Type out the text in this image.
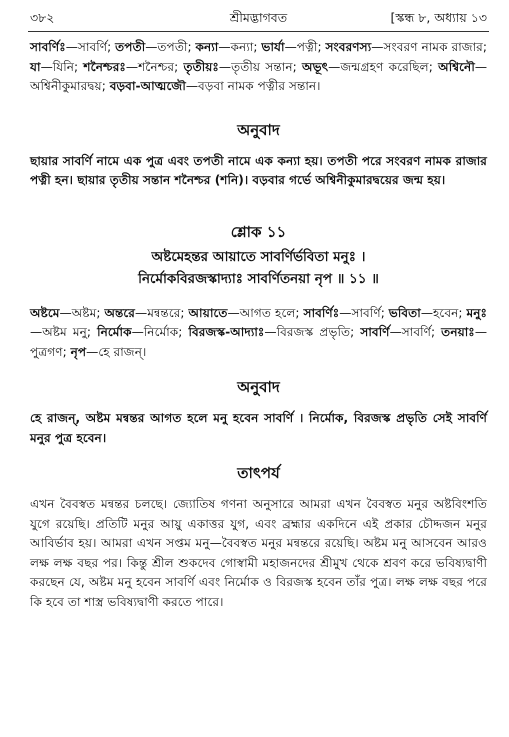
৩৮২	শ্রীমদ্ভাগবত	[স্কন্ধ ৮, অধ্যায় ১৩

সাবর্ণিঃ—সাবর্ণি; তপতী—তপতী; কন্যা—কন্যা; ভার্যা—পত্নী; সংবরণস্য—সংবরণ নামক রাজার; যা—যিনি; শনৈশ্চরঃ—শনৈশ্চর; তৃতীয়ঃ—তৃতীয় সন্তান; অভূৎ—জন্মগ্রহণ করেছিল; অশ্বিনৌ—অশ্বিনীকুমারদ্বয়; বড়বা-আত্মজৌ—বড়বা নামক পত্নীর সন্তান।

অনুবাদ

ছায়ার সাবর্ণি নামে এক পুত্র এবং তপতী নামে এক কন্যা হয়। তপতী পরে সংবরণ নামক রাজার পত্নী হন। ছায়ার তৃতীয় সন্তান শনৈশ্চর (শনি)। বড়বার গর্ভে অশ্বিনীকুমারদ্বয়ের জন্ম হয়।

শ্লোক ১১
অষ্টমেহন্তর আয়াতে সাবর্ণির্ভবিতা মনুঃ ।
নির্মোকবিরজস্কাদ্যাঃ সাবর্ণিতনয়া নৃপ ॥ ১১ ॥

অষ্টমে—অষ্টম; অন্তরে—মন্বন্তরে; আয়াতে—আগত হলে; সাবর্ণিঃ—সাবর্ণি; ভবিতা—হবেন; মনুঃ—অষ্টম মনু; নির্মোক—নির্মোক; বিরজস্ক-আদ্যাঃ—বিরজস্ক প্রভৃতি; সাবর্ণি—সাবর্ণি; তনয়াঃ—পুত্রগণ; নৃপ—হে রাজন্।

অনুবাদ

হে রাজন্, অষ্টম মন্বন্তর আগত হলে মনু হবেন সাবর্ণি । নির্মোক, বিরজস্ক প্রভৃতি সেই সাবর্ণি মনুর পুত্র হবেন।

তাৎপর্য

এখন বৈবস্বত মন্বন্তর চলছে। জ্যোতিষ গণনা অনুসারে আমরা এখন বৈবস্বত মনুর অষ্টবিংশতি যুগে রয়েছি। প্রতিটি মনুর আয়ু একাত্তর যুগ, এবং ব্রহ্মার একদিনে এই প্রকার চৌদ্দজন মনুর আবির্ভাব হয়। আমরা এখন সপ্তম মনু—বৈবস্বত মনুর মন্বন্তরে রয়েছি। অষ্টম মনু আসবেন আরও লক্ষ লক্ষ বছর পর। কিন্তু শ্রীল শুকদেব গোস্বামী মহাজনদের শ্রীমুখ থেকে শ্রবণ করে ভবিষ্যদ্বাণী করছেন যে, অষ্টম মনু হবেন সাবর্ণি এবং নির্মোক ও বিরজস্ক হবেন তাঁর পুত্র। লক্ষ লক্ষ বছর পরে কি হবে তা শাস্ত্র ভবিষ্যদ্বাণী করতে পারে।
